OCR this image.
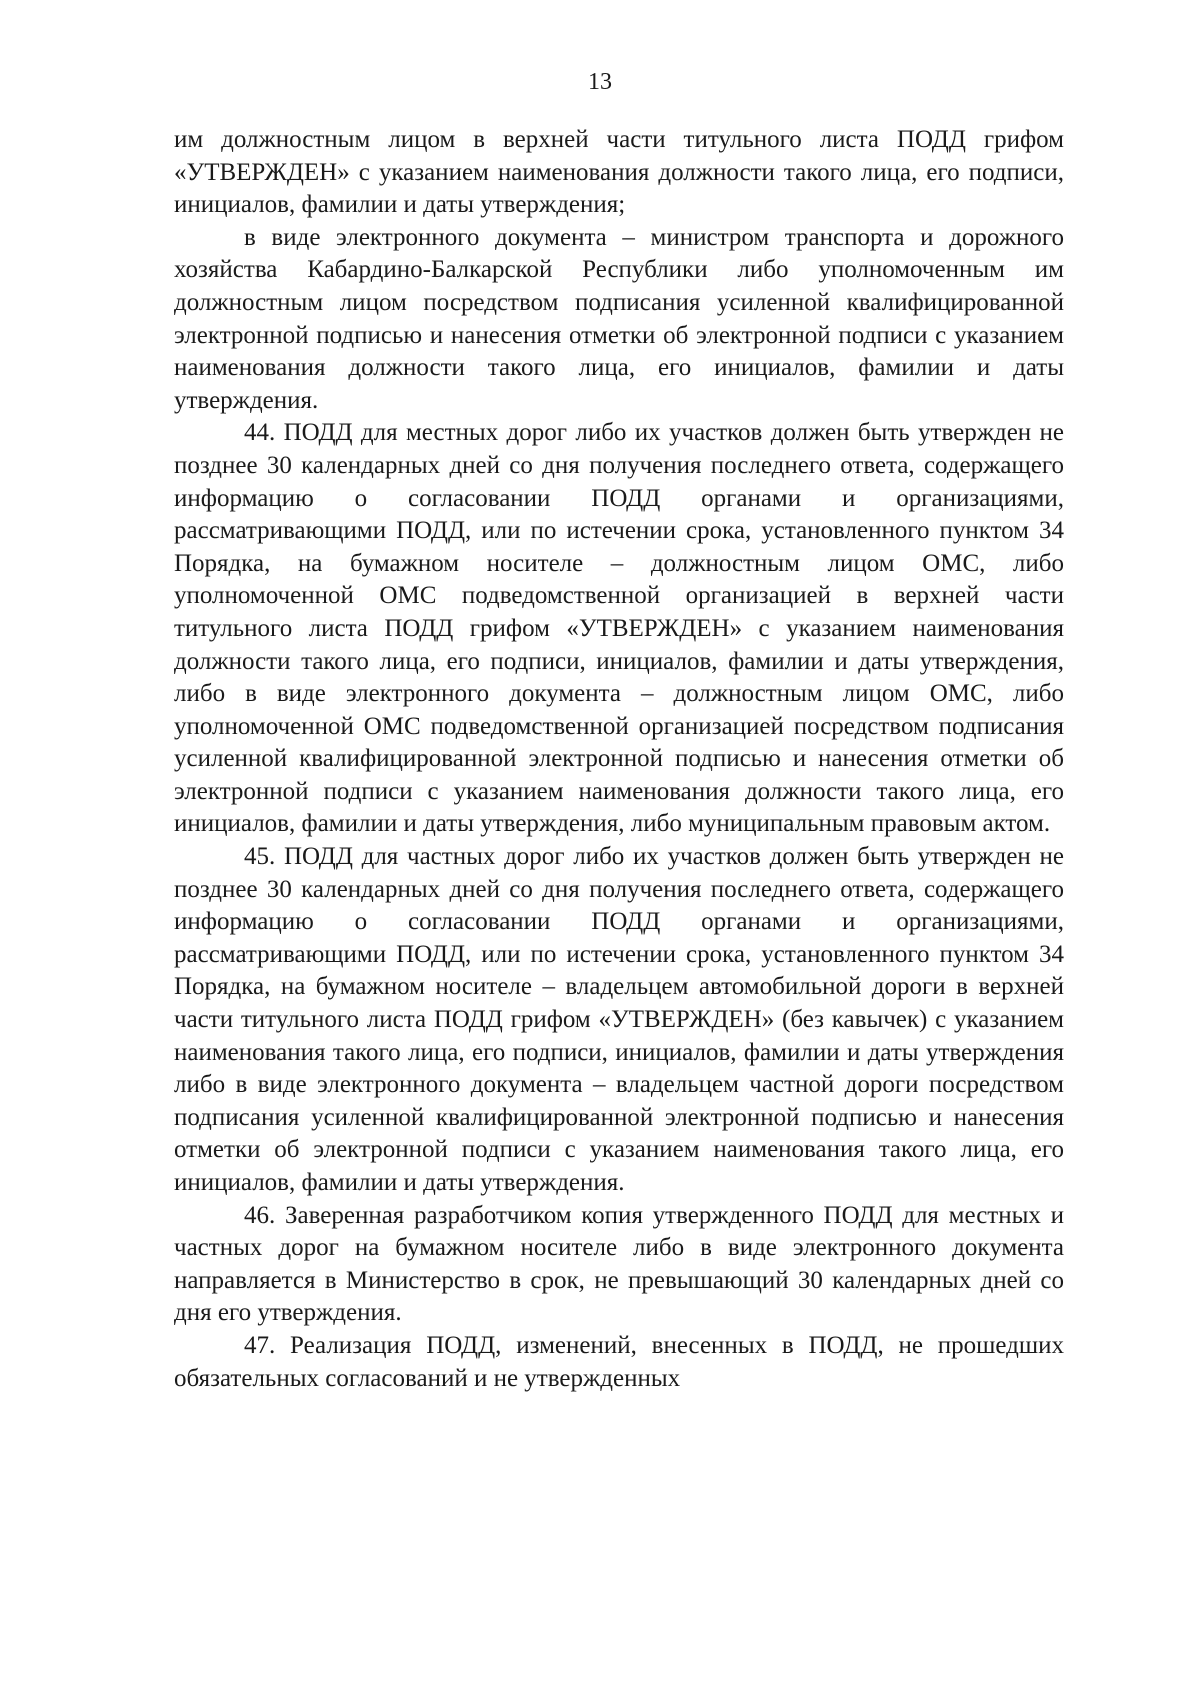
13

им должностным лицом в верхней части титульного листа ПОДД грифом «УТВЕРЖДЕН» с указанием наименования должности такого лица, его подписи, инициалов, фамилии и даты утверждения;

в виде электронного документа – министром транспорта и дорожного хозяйства Кабардино-Балкарской Республики либо уполномоченным им должностным лицом посредством подписания усиленной квалифицированной электронной подписью и нанесения отметки об электронной подписи с указанием наименования должности такого лица, его инициалов, фамилии и даты утверждения.

44. ПОДД для местных дорог либо их участков должен быть утвержден не позднее 30 календарных дней со дня получения последнего ответа, содержащего информацию о согласовании ПОДД органами и организациями, рассматривающими ПОДД, или по истечении срока, установленного пунктом 34 Порядка, на бумажном носителе – должностным лицом ОМС, либо уполномоченной ОМС подведомственной организацией в верхней части титульного листа ПОДД грифом «УТВЕРЖДЕН» с указанием наименования должности такого лица, его подписи, инициалов, фамилии и даты утверждения, либо в виде электронного документа – должностным лицом ОМС, либо уполномоченной ОМС подведомственной организацией посредством подписания усиленной квалифицированной электронной подписью и нанесения отметки об электронной подписи с указанием наименования должности такого лица, его инициалов, фамилии и даты утверждения, либо муниципальным правовым актом.

45. ПОДД для частных дорог либо их участков должен быть утвержден не позднее 30 календарных дней со дня получения последнего ответа, содержащего информацию о согласовании ПОДД органами и организациями, рассматривающими ПОДД, или по истечении срока, установленного пунктом 34 Порядка, на бумажном носителе – владельцем автомобильной дороги в верхней части титульного листа ПОДД грифом «УТВЕРЖДЕН» (без кавычек) с указанием наименования такого лица, его подписи, инициалов, фамилии и даты утверждения либо в виде электронного документа – владельцем частной дороги посредством подписания усиленной квалифицированной электронной подписью и нанесения отметки об электронной подписи с указанием наименования такого лица, его инициалов, фамилии и даты утверждения.

46. Заверенная разработчиком копия утвержденного ПОДД для местных и частных дорог на бумажном носителе либо в виде электронного документа направляется в Министерство в срок, не превышающий 30 календарных дней со дня его утверждения.

47. Реализация ПОДД, изменений, внесенных в ПОДД, не прошедших обязательных согласований и не утвержденных
